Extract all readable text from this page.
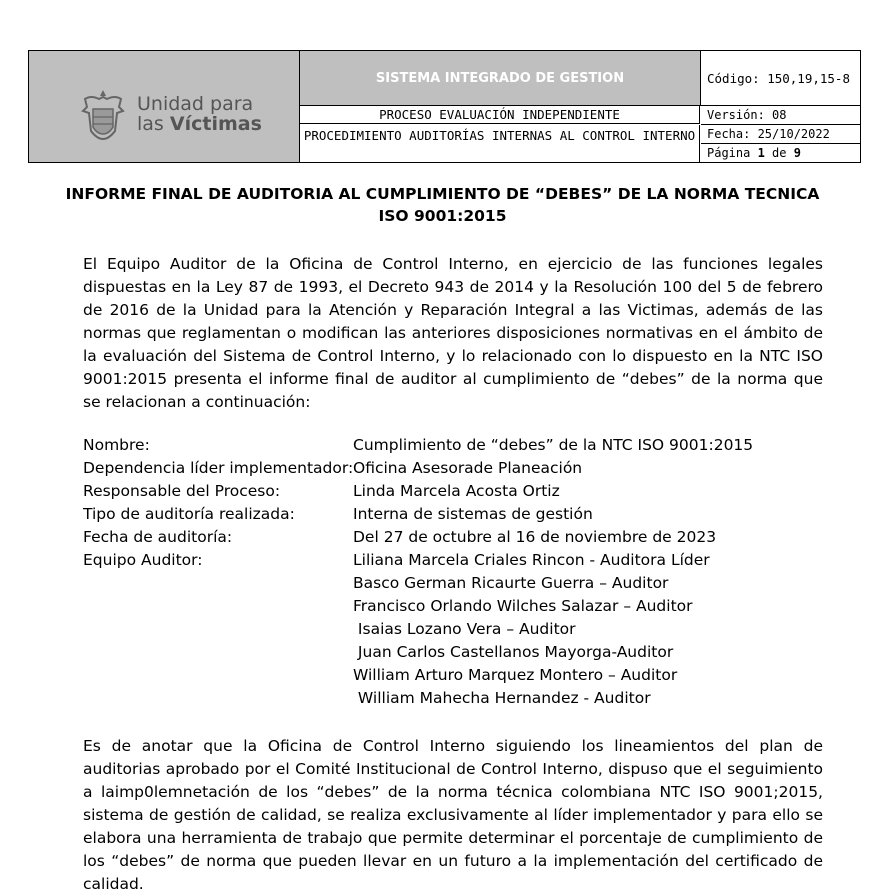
Unidad para
las Víctimas
SISTEMA INTEGRADO DE GESTION
PROCESO EVALUACIÓN INDEPENDIENTE
PROCEDIMIENTO AUDITORÍAS INTERNAS AL CONTROL INTERNO
Código: 150,19,15-8
Versión: 08
Fecha: 25/10/2022
Página 1 de 9
INFORME FINAL DE AUDITORIA AL CUMPLIMIENTO DE “DEBES” DE LA NORMA TECNICA ISO 9001:2015
El Equipo Auditor de la Oficina de Control Interno, en ejercicio de las funciones legales dispuestas en la Ley 87 de 1993, el Decreto 943 de 2014 y la Resolución 100 del 5 de febrero de 2016 de la Unidad para la Atención y Reparación Integral a las Victimas, además de las normas que reglamentan o modifican las anteriores disposiciones normativas en el ámbito de la evaluación del Sistema de Control Interno, y lo relacionado con lo dispuesto en la NTC ISO 9001:2015 presenta el informe final de auditor al cumplimiento de “debes” de la norma que se relacionan a continuación:
Nombre:	Cumplimiento de “debes” de la NTC ISO 9001:2015
Dependencia líder implementador: Oficina Asesorade Planeación
Responsable del Proceso:	Linda Marcela Acosta Ortiz
Tipo de auditoría realizada:	Interna de sistemas de gestión
Fecha de auditoría:	Del 27 de octubre al 16 de noviembre de 2023
Equipo Auditor:	Liliana Marcela Criales Rincon - Auditora Líder
Basco German Ricaurte Guerra – Auditor
Francisco Orlando Wilches Salazar – Auditor
Isaias Lozano Vera – Auditor
Juan Carlos Castellanos Mayorga-Auditor
William Arturo Marquez Montero – Auditor
William Mahecha Hernandez - Auditor
Es de anotar que la Oficina de Control Interno siguiendo los lineamientos del plan de auditorias aprobado por el Comité Institucional de Control Interno, dispuso que el seguimiento a laimp0lemnetación de los “debes” de la norma técnica colombiana NTC ISO 9001;2015, sistema de gestión de calidad, se realiza exclusivamente al líder implementador y para ello se elabora una herramienta de trabajo que permite determinar el porcentaje de cumplimiento de los “debes” de norma que pueden llevar en un futuro a la implementación del certificado de calidad.
